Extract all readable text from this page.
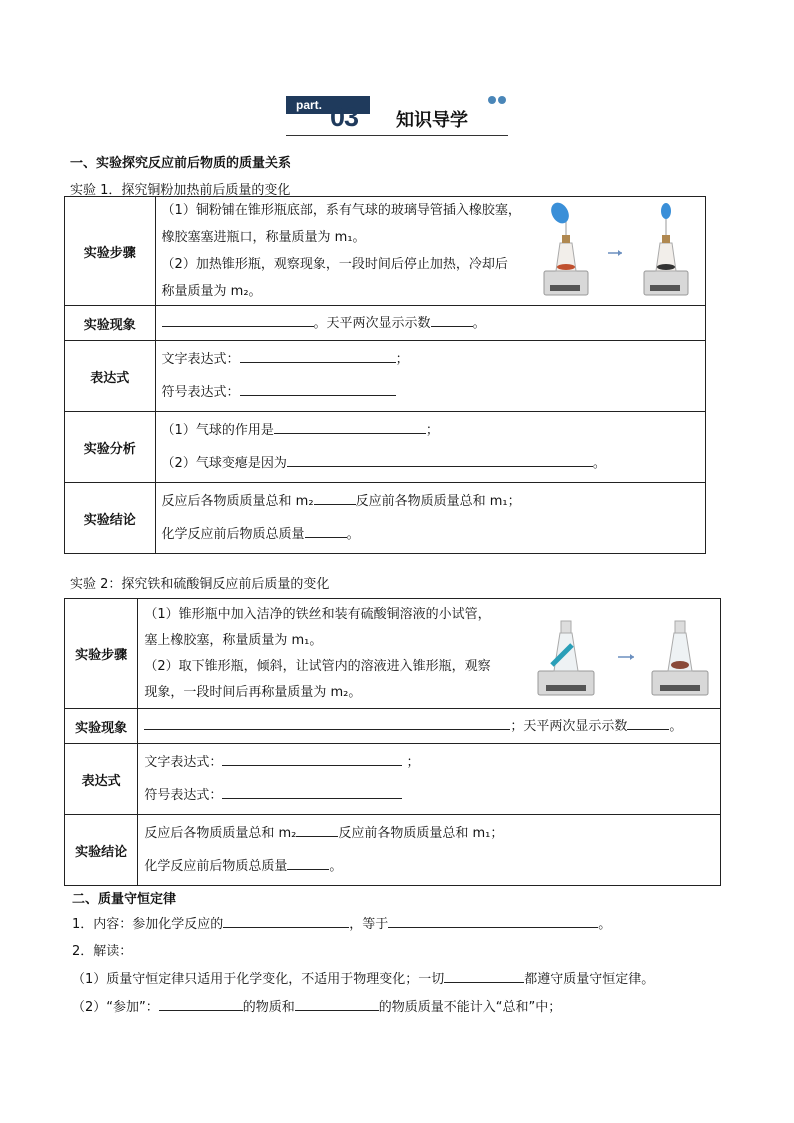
part. 03 知识导学
一、实验探究反应前后物质的质量关系
实验 1．探究铜粉加热前后质量的变化
实验步骤	（1）铜粉铺在锥形瓶底部，系有气球的玻璃导管插入橡胶塞，
橡胶塞塞进瓶口，称量质量为 m₁。
（2）加热锥形瓶，观察现象，一段时间后停止加热，冷却后
称量质量为 m₂。

实验现象	。天平两次显示示数 。
表达式	文字表达式： ；
符号表达式：

实验分析	（1）气球的作用是 ；
（2）气球变瘪是因为 。

实验结论	反应后各物质质量总和 m₂ 反应前各物质质量总和 m₁；
化学反应前后物质总质量 。
实验 2：探究铁和硫酸铜反应前后质量的变化
实验步骤	（1）锥形瓶中加入洁净的铁丝和装有硫酸铜溶液的小试管，
塞上橡胶塞，称量质量为 m₁。
（2）取下锥形瓶，倾斜，让试管内的溶液进入锥形瓶，观察
现象，一段时间后再称量质量为 m₂。

实验现象	；天平两次显示示数 。
表达式	文字表达式： ；
符号表达式：

实验结论	反应后各物质质量总和 m₂ 反应前各物质质量总和 m₁；
化学反应前后物质总质量 。
二、质量守恒定律
1．内容：参加化学反应的	，等于	。
2．解读：
（1）质量守恒定律只适用于化学变化，不适用于物理变化；一切	都遵守质量守恒定律。
（2）“参加”：	的物质和	的物质质量不能计入“总和”中；
